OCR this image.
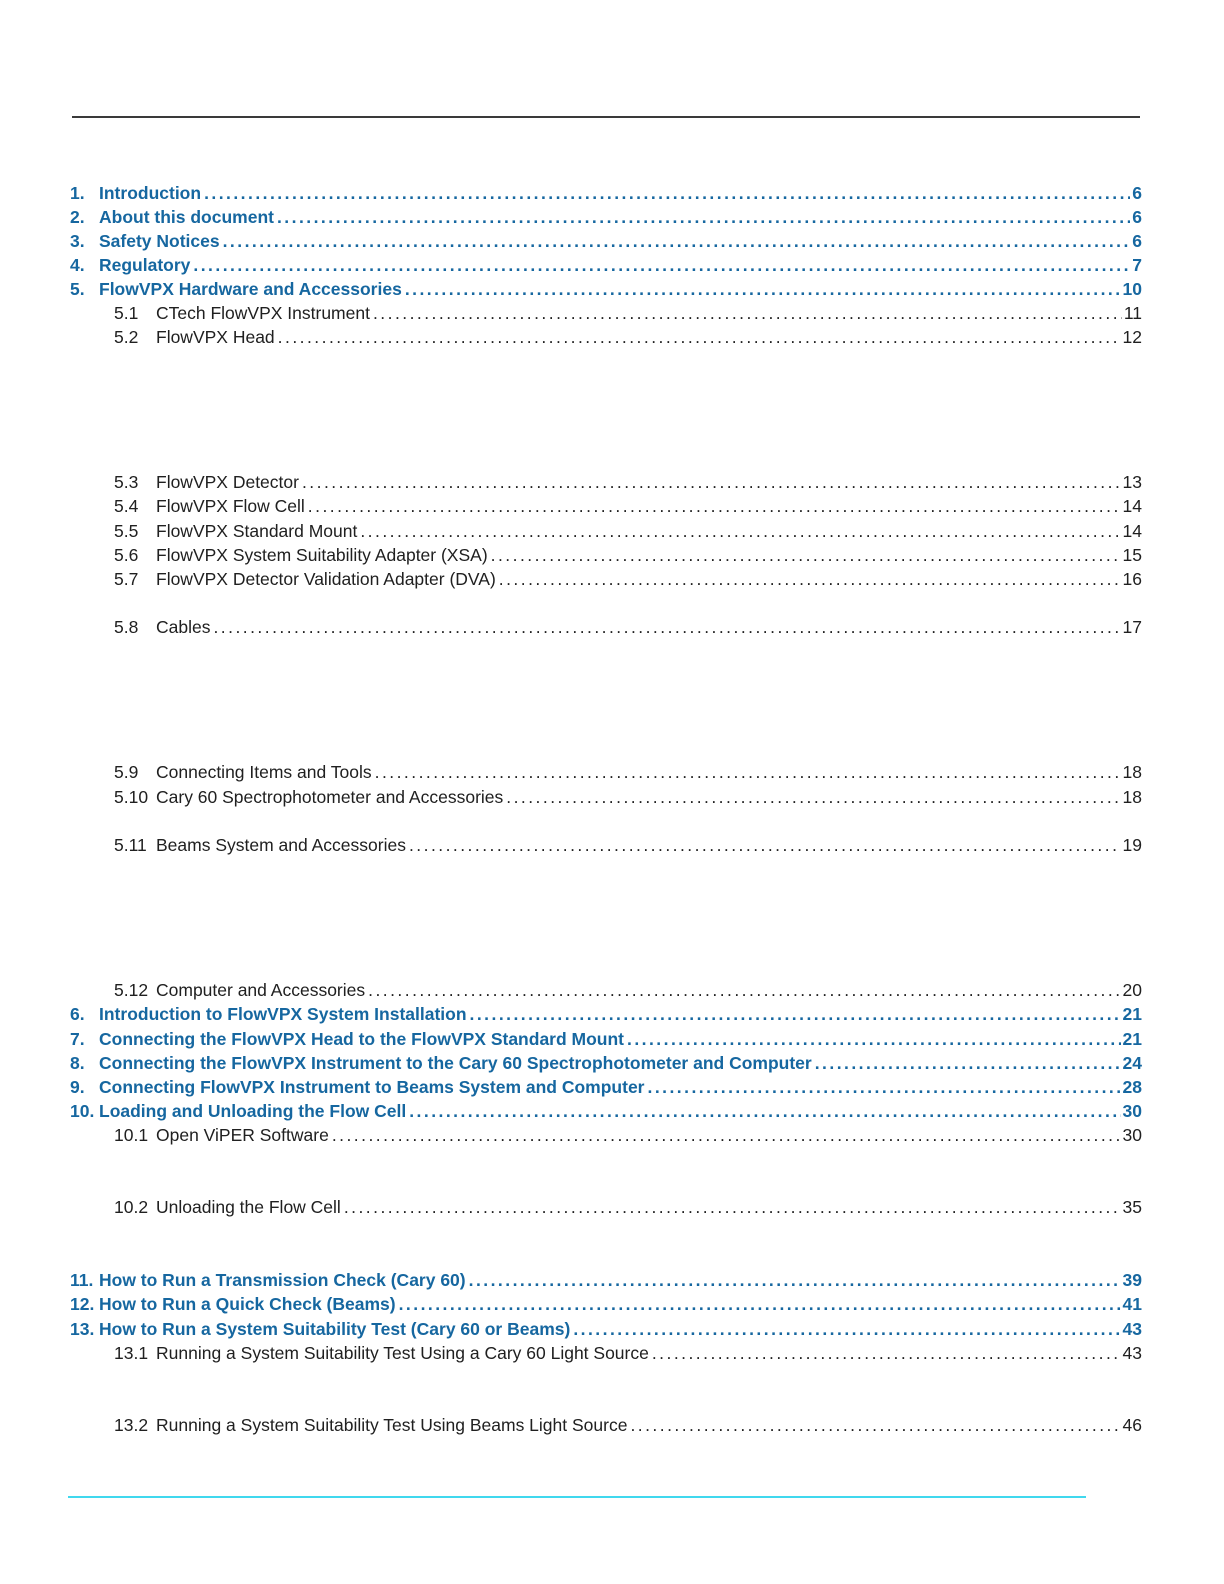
1. Introduction . . .	6
2. About this document . . .	6
3. Safety Notices . . .	6
4. Regulatory . . .	7
5. FlowVPX Hardware and Accessories . . .	10
5.1	CTech FlowVPX Instrument . . .	11
5.2	FlowVPX Head . . .	12
5.3	FlowVPX Detector . . .	13
5.4	FlowVPX Flow Cell . . .	14
5.5	FlowVPX Standard Mount . . .	14
5.6	FlowVPX System Suitability Adapter (XSA) . . .	15
5.7	FlowVPX Detector Validation Adapter (DVA) . . .	16
5.8	Cables . . .	17
5.9	Connecting Items and Tools . . .	18
5.10 Cary 60 Spectrophotometer and Accessories . . .	18
5.11 Beams System and Accessories . . .	19
5.12 Computer and Accessories . . .	20
6. Introduction to FlowVPX System Installation . . .	21
7. Connecting the FlowVPX Head to the FlowVPX Standard Mount . . .	21
8. Connecting the FlowVPX Instrument to the Cary 60 Spectrophotometer and Computer . . .	24
9. Connecting FlowVPX Instrument to Beams System and Computer . . .	28
10. Loading and Unloading the Flow Cell . . .	30
10.1 Open ViPER Software . . .	30
10.2 Unloading the Flow Cell . . .	35
11. How to Run a Transmission Check (Cary 60) . . .	39
12. How to Run a Quick Check (Beams) . . .	41
13. How to Run a System Suitability Test (Cary 60 or Beams) . . .	43
13.1 Running a System Suitability Test Using a Cary 60 Light Source . . .	43
13.2 Running a System Suitability Test Using Beams Light Source . . .	46
